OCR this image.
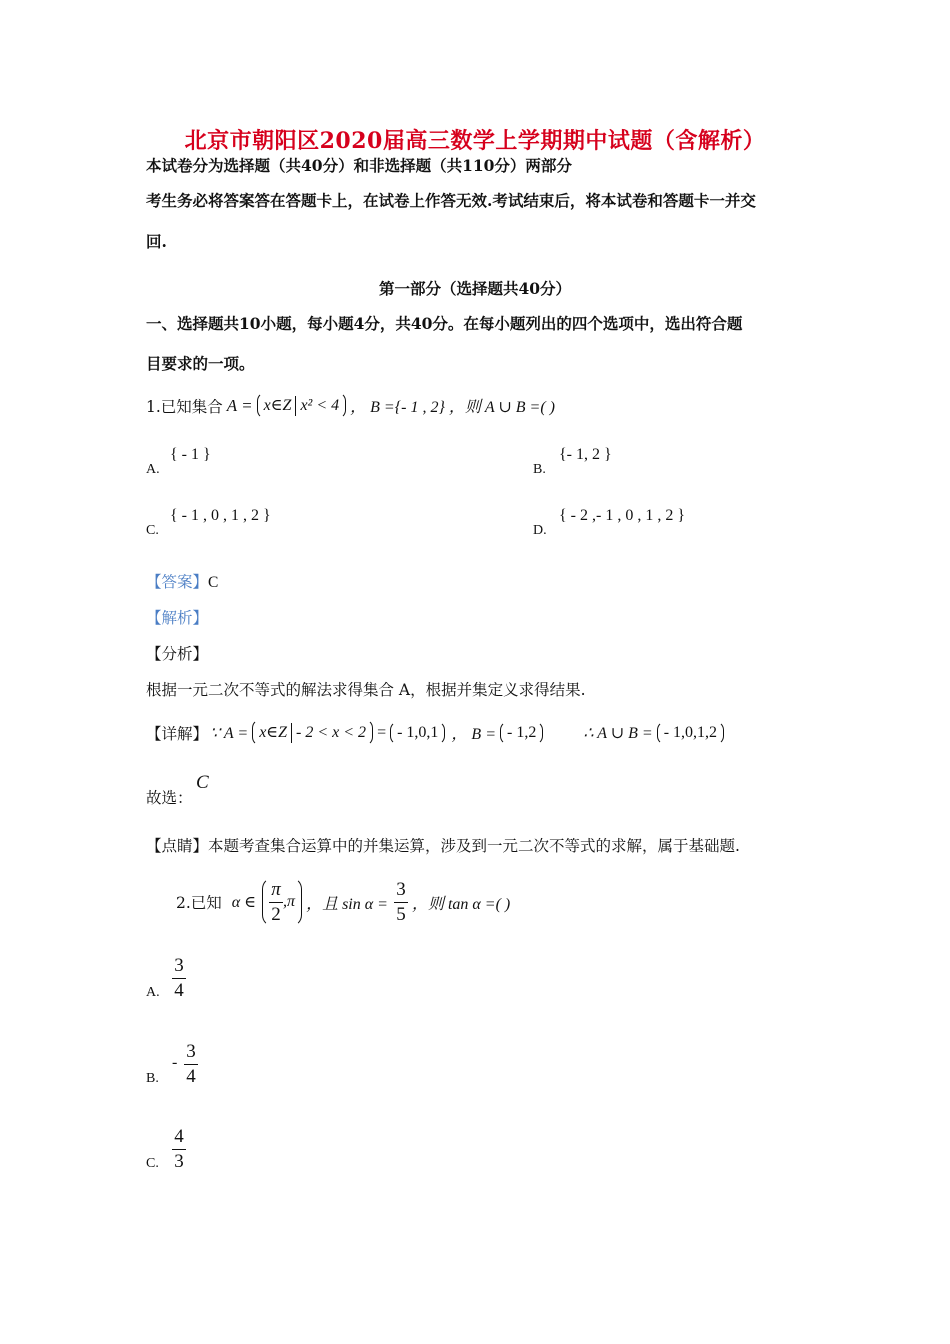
北京市朝阳区2020届高三数学上学期期中试题（含解析）
本试卷分为选择题（共40分）和非选择题（共110分）两部分
考生务必将答案答在答题卡上，在试卷上作答无效.考试结束后，将本试卷和答题卡一并交
回.
第一部分（选择题共40分）
一、选择题共10小题，每小题4分，共40分。在每小题列出的四个选项中，选出符合题
目要求的一项。
1.已知集合 A = x∈Z x² < 4 ， B ={- 1 , 2} ，则 A ∪ B =( )
{ - 1 }
A.
{- 1, 2 }
B.
{ - 1 , 0 , 1 , 2 }
C.
{ - 2 ,- 1 , 0 , 1 , 2 }
D.
【答案】C
【解析】
【分析】
根据一元二次不等式的解法求得集合 A，根据并集定义求得结果.
【详解】 ∵ A = x∈Z - 2 < x < 2 = - 1,0,1 ， B = - 1,2	∴ A ∪ B = - 1,0,1,2
故选：
C
【点睛】本题考查集合运算中的并集运算，涉及到一元二次不等式的求解，属于基础题.
2.已知 α ∈ $\frac{\pi}{2} ,\pi$ ，且 $\sin \alpha = \frac{3}{5}$ ，则 tan α =( )
A.
3
4
B.
-
3
4
C.
4
3
